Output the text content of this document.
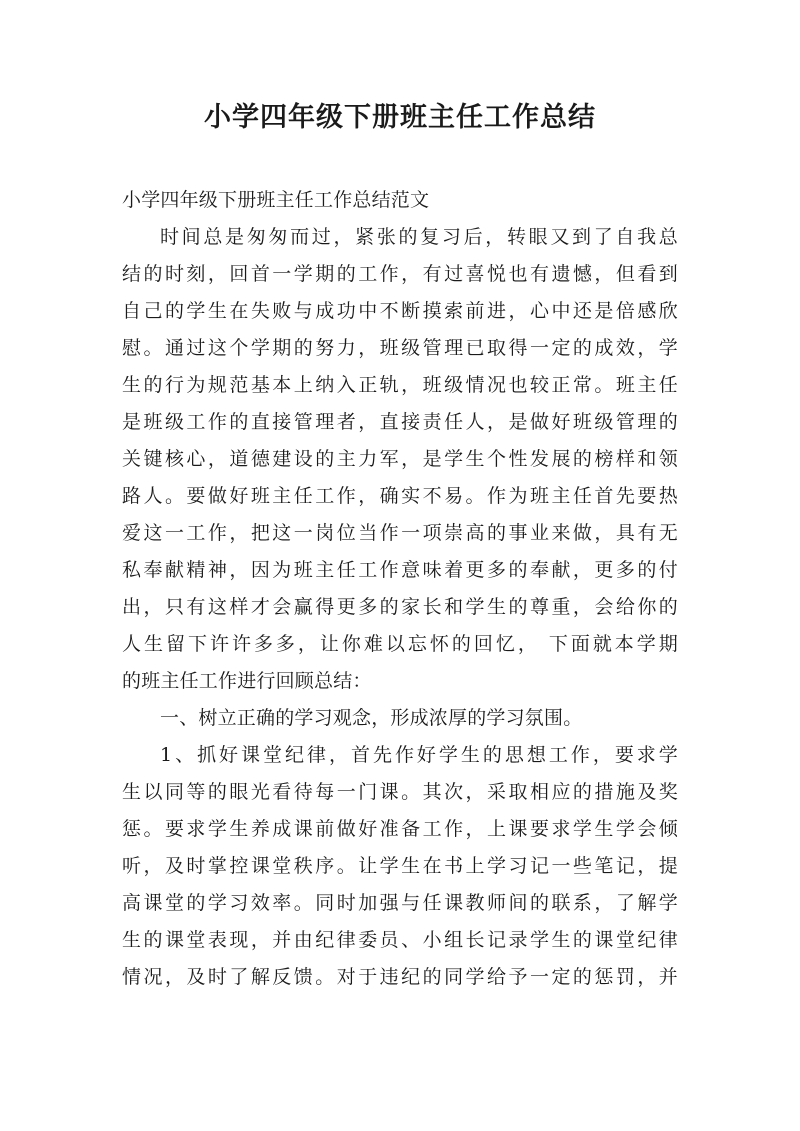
小学四年级下册班主任工作总结
小学四年级下册班主任工作总结范文
时间总是匆匆而过，紧张的复习后，转眼又到了自我总
结的时刻，回首一学期的工作，有过喜悦也有遗憾，但看到
自己的学生在失败与成功中不断摸索前进，心中还是倍感欣
慰。通过这个学期的努力，班级管理已取得一定的成效，学
生的行为规范基本上纳入正轨，班级情况也较正常。班主任
是班级工作的直接管理者，直接责任人，是做好班级管理的
关键核心，道德建设的主力军，是学生个性发展的榜样和领
路人。要做好班主任工作，确实不易。作为班主任首先要热
爱这一工作，把这一岗位当作一项崇高的事业来做，具有无
私奉献精神，因为班主任工作意味着更多的奉献，更多的付
出，只有这样才会赢得更多的家长和学生的尊重，会给你的
人生留下许许多多，让你难以忘怀的回忆， 下面就本学期
的班主任工作进行回顾总结：
一、树立正确的学习观念，形成浓厚的学习氛围。
1、抓好课堂纪律，首先作好学生的思想工作，要求学
生以同等的眼光看待每一门课。其次，采取相应的措施及奖
惩。要求学生养成课前做好准备工作，上课要求学生学会倾
听，及时掌控课堂秩序。让学生在书上学习记一些笔记，提
高课堂的学习效率。同时加强与任课教师间的联系，了解学
生的课堂表现，并由纪律委员、小组长记录学生的课堂纪律
情况，及时了解反馈。对于违纪的同学给予一定的惩罚，并
